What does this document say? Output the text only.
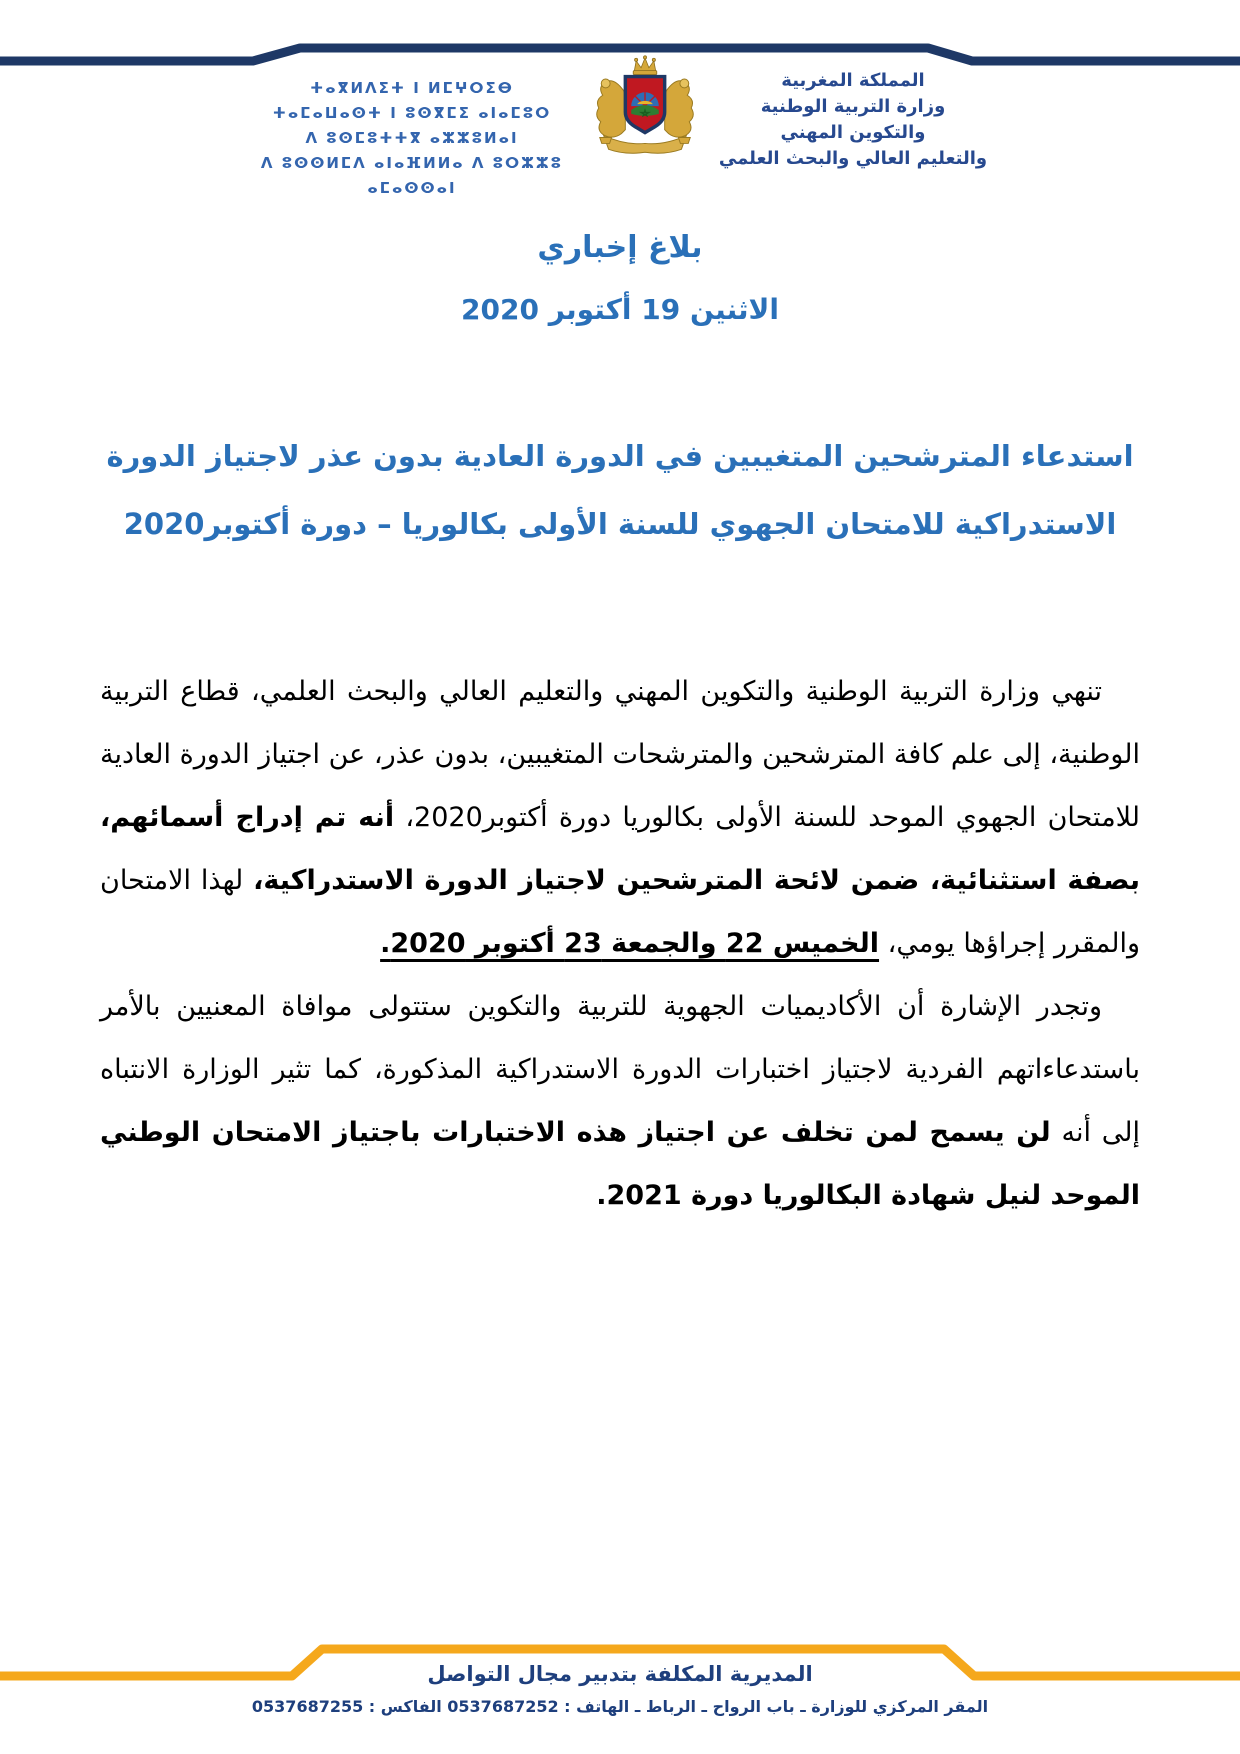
ⵜⴰⴳⵍⴷⵉⵜ ⵏ ⵍⵎⵖⵔⵉⴱ
ⵜⴰⵎⴰⵡⴰⵙⵜ ⵏ ⵓⵙⴳⵎⵉ ⴰⵏⴰⵎⵓⵔ
ⴷ ⵓⵙⵎⵓⵜⵜⴳ ⴰⵣⵣⵓⵍⴰⵏ
ⴷ ⵓⵙⵙⵍⵎⴷ ⴰⵏⴰⴼⵍⵍⴰ ⴷ ⵓⵔⵣⵣⵓ ⴰⵎⴰⵙⵙⴰⵏ
المملكة المغربية
وزارة التربية الوطنية
والتكوين المهني
والتعليم العالي والبحث العلمي
بلاغ إخباري
الاثنين 19 أكتوبر 2020
استدعاء المترشحين المتغيبين في الدورة العادية بدون عذر لاجتياز الدورة
الاستدراكية للامتحان الجهوي للسنة الأولى بكالوريا – دورة أكتوبر2020

تنهي وزارة التربية الوطنية والتكوين المهني والتعليم العالي والبحث العلمي، قطاع التربية الوطنية، إلى علم كافة المترشحين والمترشحات المتغيبين، بدون عذر، عن اجتياز الدورة العادية للامتحان الجهوي الموحد للسنة الأولى بكالوريا دورة أكتوبر2020، أنه تم إدراج أسمائهم، بصفة استثنائية، ضمن لائحة المترشحين لاجتياز الدورة الاستدراكية، لهذا الامتحان والمقرر إجراؤها يومي، الخميس 22 والجمعة 23 أكتوبر 2020.

وتجدر الإشارة أن الأكاديميات الجهوية للتربية والتكوين ستتولى موافاة المعنيين بالأمر باستدعاءاتهم الفردية لاجتياز اختبارات الدورة الاستدراكية المذكورة، كما تثير الوزارة الانتباه إلى أنه لن يسمح لمن تخلف عن اجتياز هذه الاختبارات باجتياز الامتحان الوطني الموحد لنيل شهادة البكالوريا دورة 2021.

المديرية المكلفة بتدبير مجال التواصل
المقر المركزي للوزارة ـ باب الرواح ـ الرباط ـ الهاتف : 0537687252 الفاكس : 0537687255
